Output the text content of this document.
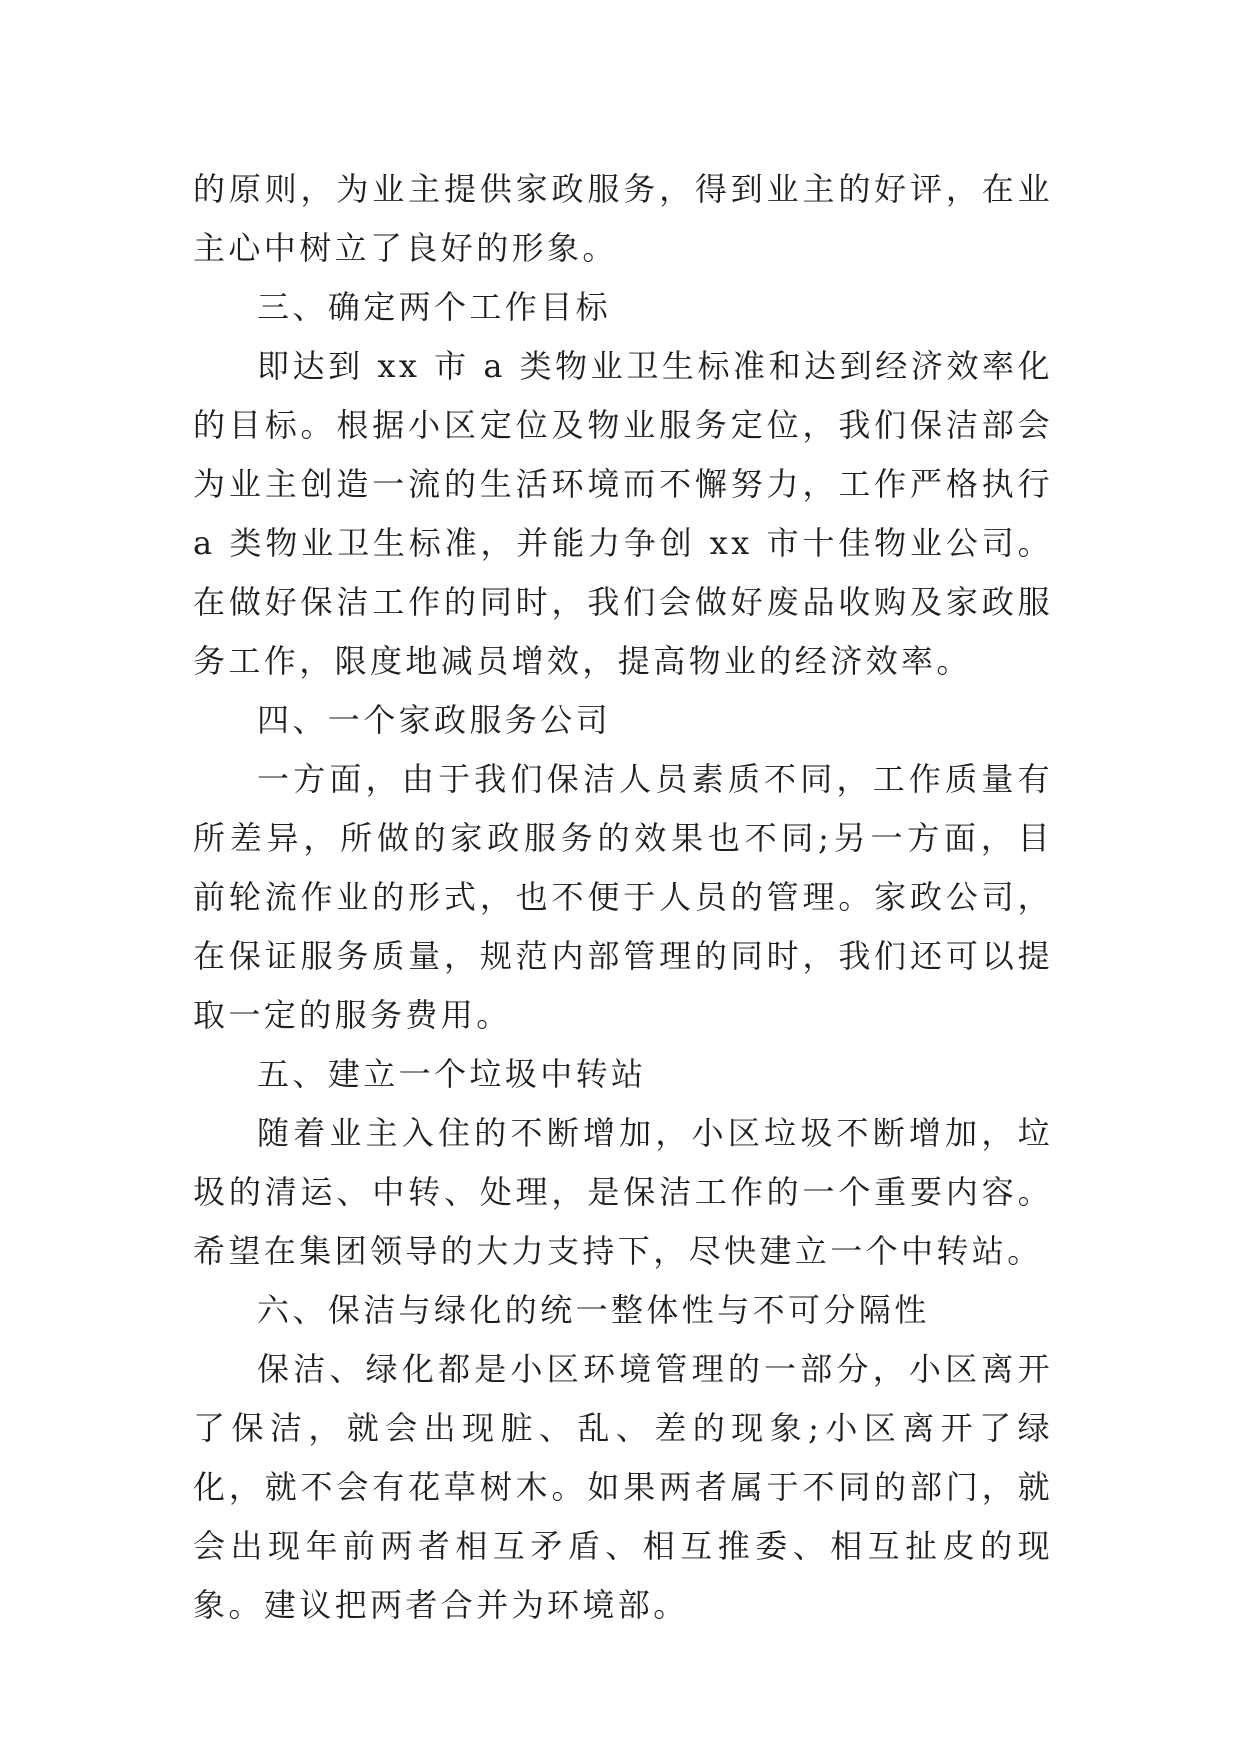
的原则，为业主提供家政服务，得到业主的好评，在业主心中树立了良好的形象。

三、确定两个工作目标

即达到 xx 市 a 类物业卫生标准和达到经济效率化的目标。根据小区定位及物业服务定位，我们保洁部会为业主创造一流的生活环境而不懈努力，工作严格执行 a 类物业卫生标准，并能力争创 xx 市十佳物业公司。在做好保洁工作的同时，我们会做好废品收购及家政服务工作，限度地减员增效，提高物业的经济效率。

四、一个家政服务公司

一方面，由于我们保洁人员素质不同，工作质量有所差异，所做的家政服务的效果也不同;另一方面，目前轮流作业的形式，也不便于人员的管理。家政公司，在保证服务质量，规范内部管理的同时，我们还可以提取一定的服务费用。

五、建立一个垃圾中转站

随着业主入住的不断增加，小区垃圾不断增加，垃圾的清运、中转、处理，是保洁工作的一个重要内容。希望在集团领导的大力支持下，尽快建立一个中转站。

六、保洁与绿化的统一整体性与不可分隔性

保洁、绿化都是小区环境管理的一部分，小区离开了保洁，就会出现脏、乱、差的现象;小区离开了绿化，就不会有花草树木。如果两者属于不同的部门，就会出现年前两者相互矛盾、相互推委、相互扯皮的现象。建议把两者合并为环境部。
